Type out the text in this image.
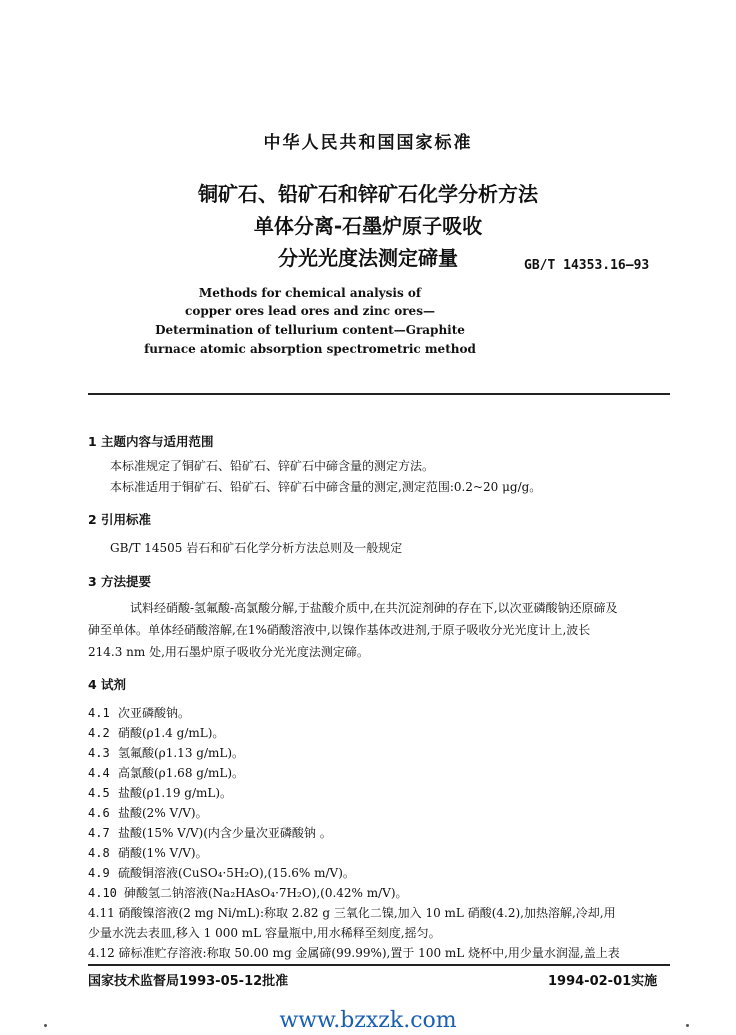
中华人民共和国国家标准
铜矿石、铅矿石和锌矿石化学分析方法
单体分离-石墨炉原子吸收
分光光度法测定碲量	GB/T 14353.16—93
Methods for chemical analysis of
copper ores lead ores and zinc ores—
Determination of tellurium content—Graphite
furnace atomic absorption spectrometric method
1 主题内容与适用范围
本标准规定了铜矿石、铅矿石、锌矿石中碲含量的测定方法。
本标准适用于铜矿石、铅矿石、锌矿石中碲含量的测定,测定范围:0.2~20 μg/g。
2 引用标准
GB/T 14505 岩石和矿石化学分析方法总则及一般规定
3 方法提要
试料经硝酸-氢氟酸-高氯酸分解,于盐酸介质中,在共沉淀剂砷的存在下,以次亚磷酸钠还原碲及
砷至单体。单体经硝酸溶解,在1%硝酸溶液中,以镍作基体改进剂,于原子吸收分光光度计上,波长
214.3 nm 处,用石墨炉原子吸收分光光度法测定碲。
4 试剂
4.1 次亚磷酸钠。
4.2 硝酸(ρ1.4 g/mL)。
4.3 氢氟酸(ρ1.13 g/mL)。
4.4 高氯酸(ρ1.68 g/mL)。
4.5 盐酸(ρ1.19 g/mL)。
4.6 盐酸(2% V/V)。
4.7 盐酸(15% V/V)(内含少量次亚磷酸钠 。
4.8 硝酸(1% V/V)。
4.9 硫酸铜溶液(CuSO₄·5H₂O),(15.6% m/V)。
4.10 砷酸氢二钠溶液(Na₂HAsO₄·7H₂O),(0.42% m/V)。
4.11 硝酸镍溶液(2 mg Ni/mL):称取 2.82 g 三氧化二镍,加入 10 mL 硝酸(4.2),加热溶解,冷却,用
少量水洗去表皿,移入 1 000 mL 容量瓶中,用水稀释至刻度,摇匀。
4.12 碲标准贮存溶液:称取 50.00 mg 金属碲(99.99%),置于 100 mL 烧杯中,用少量水润湿,盖上表
国家技术监督局1993-05-12批准	1994-02-01实施
www.bzxzk.com
